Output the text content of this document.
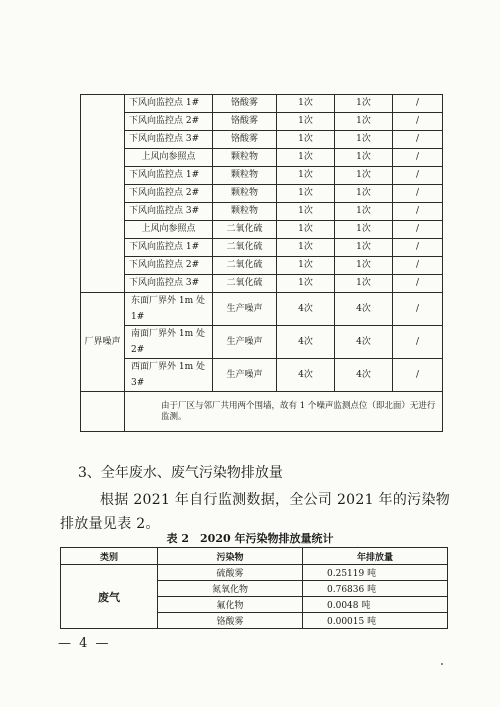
	下风向监控点 1#	铬酸雾	1次	1次	/
	下风向监控点 2#	铬酸雾	1次	1次	/
	下风向监控点 3#	铬酸雾	1次	1次	/
	上风向参照点	颗粒物	1次	1次	/
	下风向监控点 1#	颗粒物	1次	1次	/
	下风向监控点 2#	颗粒物	1次	1次	/
	下风向监控点 3#	颗粒物	1次	1次	/
	上风向参照点	二氧化硫	1次	1次	/
	下风向监控点 1#	二氧化硫	1次	1次	/
	下风向监控点 2#	二氧化硫	1次	1次	/
	下风向监控点 3#	二氧化硫	1次	1次	/
厂界噪声	东面厂界外 1m 处 1#	生产噪声	4次	4次	/
	南面厂界外 1m 处 2#	生产噪声	4次	4次	/
	西面厂界外 1m 处 3#	生产噪声	4次	4次	/
	由于厂区与邻厂共用两个围墙，故有 1 个噪声监测点位（即北面）无进行监测。				
3、全年废水、废气污染物排放量

根据 2021 年自行监测数据，全公司 2021 年的污染物排放量见表 2。

表 2　2020 年污染物排放量统计

类别	污染物	年排放量
废气	硫酸雾	0.25119 吨
	氮氧化物	0.76836 吨
	氟化物	0.0048 吨
	铬酸雾	0.00015 吨

— 4 —
